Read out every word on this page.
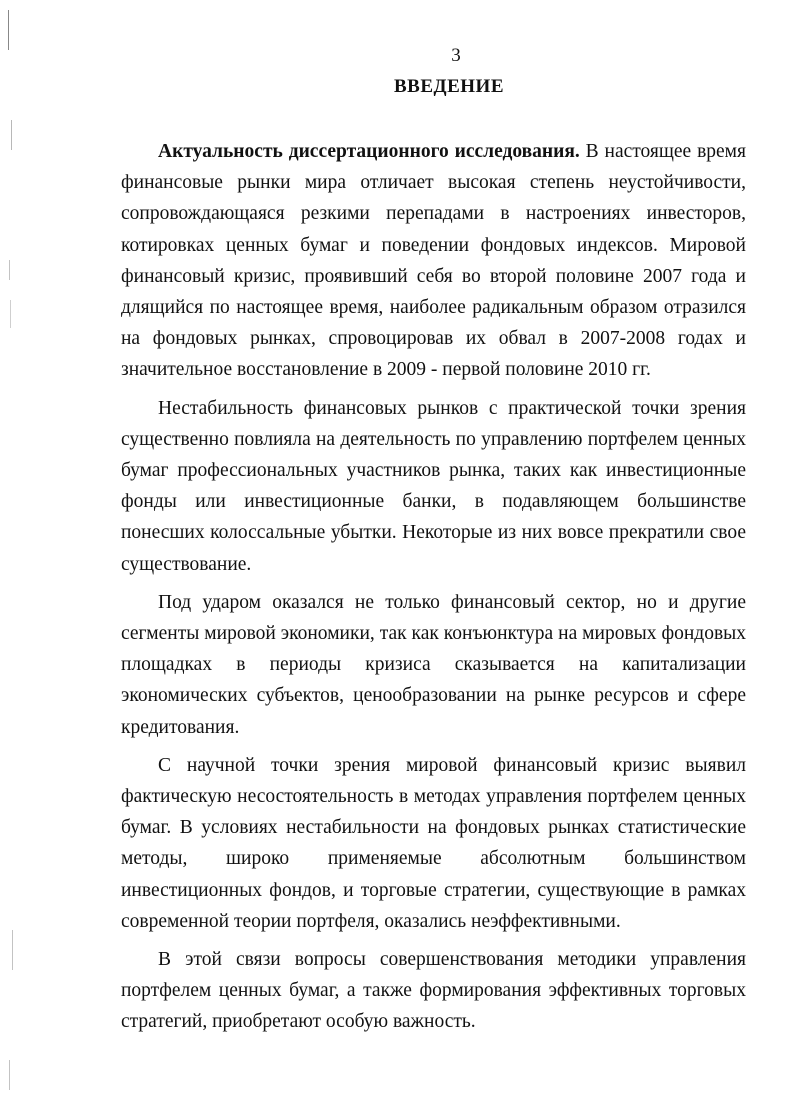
3
ВВЕДЕНИЕ

Актуальность диссертационного исследования. В настоящее время финансовые рынки мира отличает высокая степень неустойчивости, сопровождающаяся резкими перепадами в настроениях инвесторов, котировках ценных бумаг и поведении фондовых индексов. Мировой финансовый кризис, проявивший себя во второй половине 2007 года и длящийся по настоящее время, наиболее радикальным образом отразился на фондовых рынках, спровоцировав их обвал в 2007-2008 годах и значительное восстановление в 2009 - первой половине 2010 гг.

Нестабильность финансовых рынков с практической точки зрения существенно повлияла на деятельность по управлению портфелем ценных бумаг профессиональных участников рынка, таких как инвестиционные фонды или инвестиционные банки, в подавляющем большинстве понесших колоссальные убытки. Некоторые из них вовсе прекратили свое существование.

Под ударом оказался не только финансовый сектор, но и другие сегменты мировой экономики, так как конъюнктура на мировых фондовых площадках в периоды кризиса сказывается на капитализации экономических субъектов, ценообразовании на рынке ресурсов и сфере кредитования.

С научной точки зрения мировой финансовый кризис выявил фактическую несостоятельность в методах управления портфелем ценных бумаг. В условиях нестабильности на фондовых рынках статистические методы, широко применяемые абсолютным большинством инвестиционных фондов, и торговые стратегии, существующие в рамках современной теории портфеля, оказались неэффективными.

В этой связи вопросы совершенствования методики управления портфелем ценных бумаг, а также формирования эффективных торговых стратегий, приобретают особую важность.
